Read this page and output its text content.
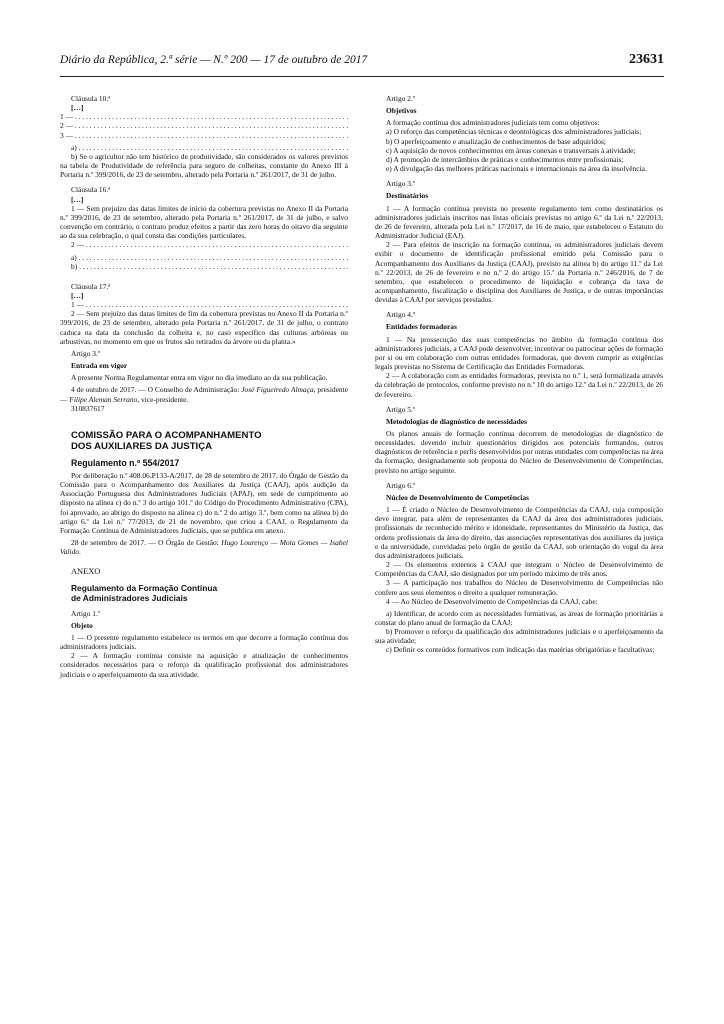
Diário da República, 2.ª série — N.º 200 — 17 de outubro de 2017	23631

Cláusula 10.ª

[…]

1 — . . .

2 — . . .

3 — . . .

a) . . .

b) Se o agricultor não tem histórico de produtividade, são considerados os valores previstos na tabela de Produtividade de referência para seguro de colheitas, constante do Anexo III à Portaria n.º 399/2016, de 23 de setembro, alterado pela Portaria n.º 261/2017, de 31 de julho.

Cláusula 16.ª

[…]

1 — Sem prejuízo das datas limites de início da cobertura previstas no Anexo II da Portaria n.º 399/2016, de 23 de setembro, alterado pela Portaria n.º 261/2017, de 31 de julho, e salvo convenção em contrário, o contrato produz efeitos a partir das zero horas do oitavo dia seguinte ao da sua celebração, o qual consta das condições particulares.

2 — . . .

a) . . .

b) . . .

Cláusula 17.ª

[…]

1 — . . .

2 — Sem prejuízo das datas limites de fim da cobertura previstas no Anexo II da Portaria n.º 399/2016, de 23 de setembro, alterado pela Portaria n.º 261/2017, de 31 de julho, o contrato caduca na data da conclusão da colheita e, no caso específico das culturas arbóreas ou arbustivas, no momento em que os frutos são retirados da árvore ou da planta.»

Artigo 3.º

Entrada em vigor

A presente Norma Regulamentar entra em vigor no dia imediato ao da sua publicação.

4 de outubro de 2017. — O Conselho de Administração: José Figueiredo Almaça, presidente — Filipe Aleman Serrano, vice-presidente.

310837617

COMISSÃO PARA O ACOMPANHAMENTO

DOS AUXILIARES DA JUSTIÇA

Regulamento n.º 554/2017

Por deliberação n.º 408.06.P133-A/2017, de 28 de setembro de 2017, do Órgão de Gestão da Comissão para o Acompanhamento dos Auxiliares da Justiça (CAAJ), após audição da Associação Portuguesa dos Administradores Judiciais (APAJ), em sede de cumprimento ao disposto na alínea c) do n.º 3 do artigo 101.º do Código do Procedimento Administrativo (CPA), foi aprovado, ao abrigo do disposto na alínea c) do n.º 2 do artigo 3.º, bem como na alínea b) do artigo 6.º da Lei n.º 77/2013, de 21 de novembro, que criou a CAAJ, o Regulamento da Formação Contínua de Administradores Judiciais, que se publica em anexo.

28 de setembro de 2017. — O Órgão de Gestão: Hugo Lourenço — Mota Gomes — Isabel Valido.

ANEXO

Regulamento da Formação Contínua

de Administradores Judiciais

Artigo 1.º

Objeto

1 — O presente regulamento estabelece os termos em que decorre a formação contínua dos administradores judiciais.

2 — A formação contínua consiste na aquisição e atualização de conhecimentos considerados necessários para o reforço da qualificação profissional dos administradores judiciais e o aperfeiçoamento da sua atividade.

Artigo 2.º

Objetivos

A formação contínua dos administradores judiciais tem como objetivos:

a) O reforço das competências técnicas e deontológicas dos administradores judiciais;

b) O aperfeiçoamento e atualização de conhecimentos de base adquiridos;

c) A aquisição de novos conhecimentos em áreas conexas e transversais à atividade;

d) A promoção de intercâmbios de práticas e conhecimentos entre profissionais;

e) A divulgação das melhores práticas nacionais e internacionais na área da insolvência.

Artigo 3.º

Destinatários

1 — A formação contínua prevista no presente regulamento tem como destinatários os administradores judiciais inscritos nas listas oficiais previstas no artigo 6.º da Lei n.º 22/2013, de 26 de fevereiro, alterada pela Lei n.º 17/2017, de 16 de maio, que estabeleceu o Estatuto do Administrador Judicial (EAJ).

2 — Para efeitos de inscrição na formação contínua, os administradores judiciais devem exibir o documento de identificação profissional emitido pela Comissão para o Acompanhamento dos Auxiliares da Justiça (CAAJ), previsto na alínea b) do artigo 11.º da Lei n.º 22/2013, de 26 de fevereiro e no n.º 2 do artigo 15.º da Portaria n.º 246/2016, de 7 de setembro, que estabeleceu o procedimento de liquidação e cobrança da taxa de acompanhamento, fiscalização e disciplina dos Auxiliares de Justiça, e de outras importâncias devidas à CAAJ por serviços prestados.

Artigo 4.º

Entidades formadoras

1 — Na prossecução das suas competências no âmbito da formação contínua dos administradores judiciais, a CAAJ pode desenvolver, incentivar ou patrocinar ações de formação por si ou em colaboração com outras entidades formadoras, que devem cumprir as exigências legais previstas no Sistema de Certificação das Entidades Formadoras.

2 — A colaboração com as entidades formadoras, prevista no n.º 1, será formalizada através da celebração de protocolos, conforme previsto no n.º 10 do artigo 12.º da Lei n.º 22/2013, de 26 de fevereiro.

Artigo 5.º

Metodologias de diagnóstico de necessidades

Os planos anuais de formação contínua decorrem de metodologias de diagnóstico de necessidades, devendo incluir questionários dirigidos aos potenciais formandos, outros diagnósticos de referência e perfis desenvolvidos por outras entidades com competências na área da formação, designadamente sob proposta do Núcleo de Desenvolvimento de Competências, previsto no artigo seguinte.

Artigo 6.º

Núcleo de Desenvolvimento de Competências

1 — É criado o Núcleo de Desenvolvimento de Competências da CAAJ, cuja composição deve integrar, para além de representantes da CAAJ da área dos administradores judiciais, profissionais de reconhecido mérito e idoneidade, representantes do Ministério da Justiça, das ordens profissionais da área do direito, das associações representativas dos auxiliares da justiça e da universidade, convidadas pelo órgão de gestão da CAAJ, sob orientação do vogal da área dos administradores judiciais.

2 — Os elementos externos à CAAJ que integram o Núcleo de Desenvolvimento de Competências da CAAJ, são designados por um período máximo de três anos.

3 — A participação nos trabalhos do Núcleo de Desenvolvimento de Competências não confere aos seus elementos o direito a qualquer remuneração.

4 — Ao Núcleo de Desenvolvimento de Competências da CAAJ, cabe:

a) Identificar, de acordo com as necessidades formativas, as áreas de formação prioritárias a constar do plano anual de formação da CAAJ;

b) Promover o reforço da qualificação dos administradores judiciais e o aperfeiçoamento da sua atividade;

c) Definir os conteúdos formativos com indicação das matérias obrigatórias e facultativas;
